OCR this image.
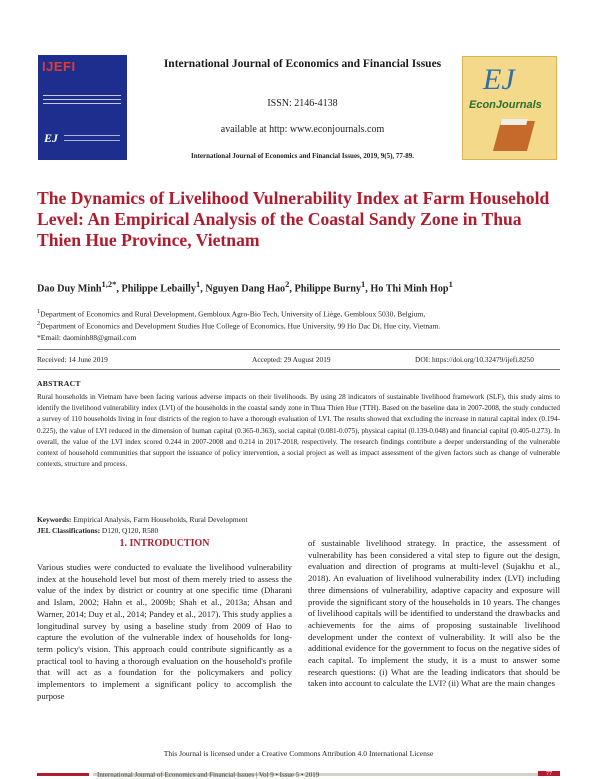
IJEFI
EJ
International Journal of Economics and Financial Issues
ISSN: 2146-4138
available at http: www.econjournals.com
International Journal of Economics and Financial Issues, 2019, 9(5), 77-89.
EJ
EconJournals
The Dynamics of Livelihood Vulnerability Index at Farm Household Level: An Empirical Analysis of the Coastal Sandy Zone in Thua Thien Hue Province, Vietnam
Dao Duy Minh$^{1,2*}$, Philippe Lebailly$^1$, Nguyen Dang Hao$^2$, Philippe Burny$^1$, Ho Thi Minh Hop$^1$
$^1$Department of Economics and Rural Development, Gembloux Agro-Bio Tech, University of Liège, Gembloux 5030, Belgium,
$^2$Department of Economics and Development Studies Hue College of Economics, Hue University, 99 Ho Dac Di, Hue city, Vietnam.
*Email: daominh88@gmail.com
Received: 14 June 2019	Accepted: 29 August 2019	DOI: https://doi.org/10.32479/ijefi.8250
ABSTRACT
Rural households in Vietnam have been facing various adverse impacts on their livelihoods. By using 28 indicators of sustainable livelihood framework (SLF), this study aims to identify the livelihood vulnerability index (LVI) of the households in the coastal sandy zone in Thua Thien Hue (TTH). Based on the baseline data in 2007-2008, the study conducted a survey of 110 households living in four districts of the region to have a thorough evaluation of LVI. The results showed that excluding the increase in natural capital index (0.194-0.225), the value of LVI reduced in the dimension of human capital (0.365-0.363), social capital (0.081-0.075), physical capital (0.139-0.048) and financial capital (0.405-0.273). In overall, the value of the LVI index scored 0.244 in 2007-2008 and 0.214 in 2017-2018, respectively. The research findings contribute a deeper understanding of the vulnerable context of household communities that support the issuance of policy intervention, a social project as well as impact assessment of the given factors such as change of vulnerable contexts, structure and process.
Keywords: Empirical Analysis, Farm Households, Rural Development
JEL Classifications: D120, Q120, R580
1. INTRODUCTION
Various studies were conducted to evaluate the livelihood vulnerability index at the household level but most of them merely tried to assess the value of the index by district or country at one specific time (Dharani and Islam, 2002; Hahn et al., 2009b; Shah et al., 2013a; Ahsan and Warner, 2014; Duy et al., 2014; Pandey et al., 2017). This study applies a longitudinal survey by using a baseline study from 2009 of Hao to capture the evolution of the vulnerable index of households for long-term policy's vision. This approach could contribute significantly as a practical tool to having a thorough evaluation on the household's profile that will act as a foundation for the policymakers and policy implementors to implement a significant policy to accomplish the purpose
of sustainable livelihood strategy. In practice, the assessment of vulnerability has been considered a vital step to figure out the design, evaluation and direction of programs at multi-level (Sujakhu et al., 2018). An evaluation of livelihood vulnerability index (LVI) including three dimensions of vulnerability, adaptive capacity and exposure will provide the significant story of the households in 10 years. The changes of livelihood capitals will be identified to understand the drawbacks and achievements for the aims of proposing sustainable livelihood development under the context of vulnerability. It will also be the additional evidence for the government to focus on the negative sides of each capital. To implement the study, it is a must to answer some research questions: (i) What are the leading indicators that should be taken into account to calculate the LVI? (ii) What are the main changes
This Journal is licensed under a Creative Commons Attribution 4.0 International License
International Journal of Economics and Financial Issues | Vol 9 • Issue 5 • 2019	77
